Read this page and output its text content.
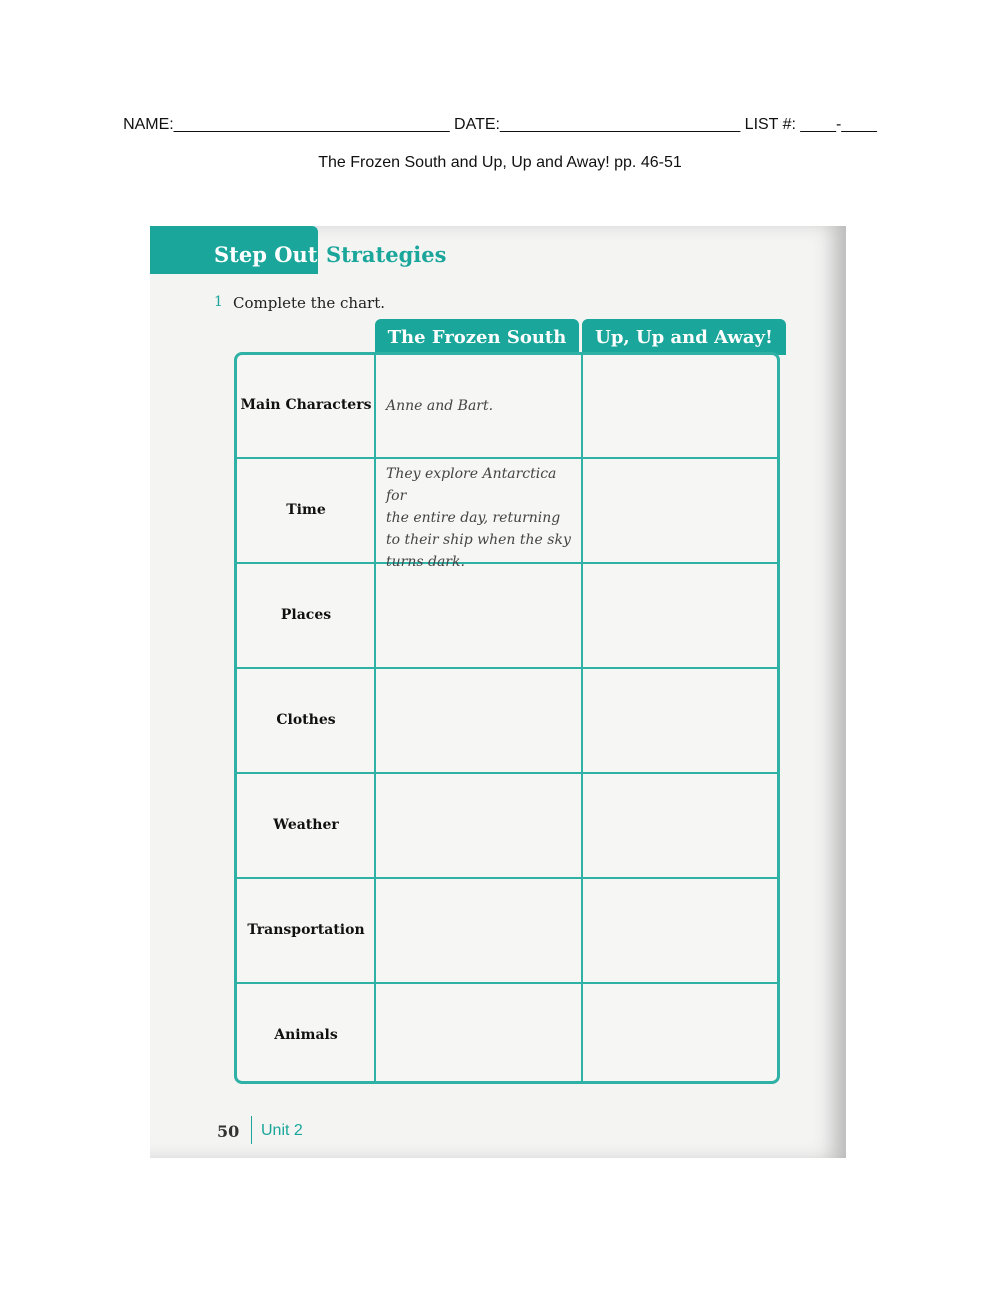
NAME:_______________________________ DATE:___________________________ LIST #: ____-____
The Frozen South and Up, Up and Away! pp. 46-51
Step Out Strategies
1 Complete the chart.
The Frozen South	Up, Up and Away!
Main Characters
Time
Places
Clothes
Weather
Transportation
Animals
Anne and Bart.
They explore Antarctica for
the entire day, returning
to their ship when the sky
turns dark.
50 Unit 2
